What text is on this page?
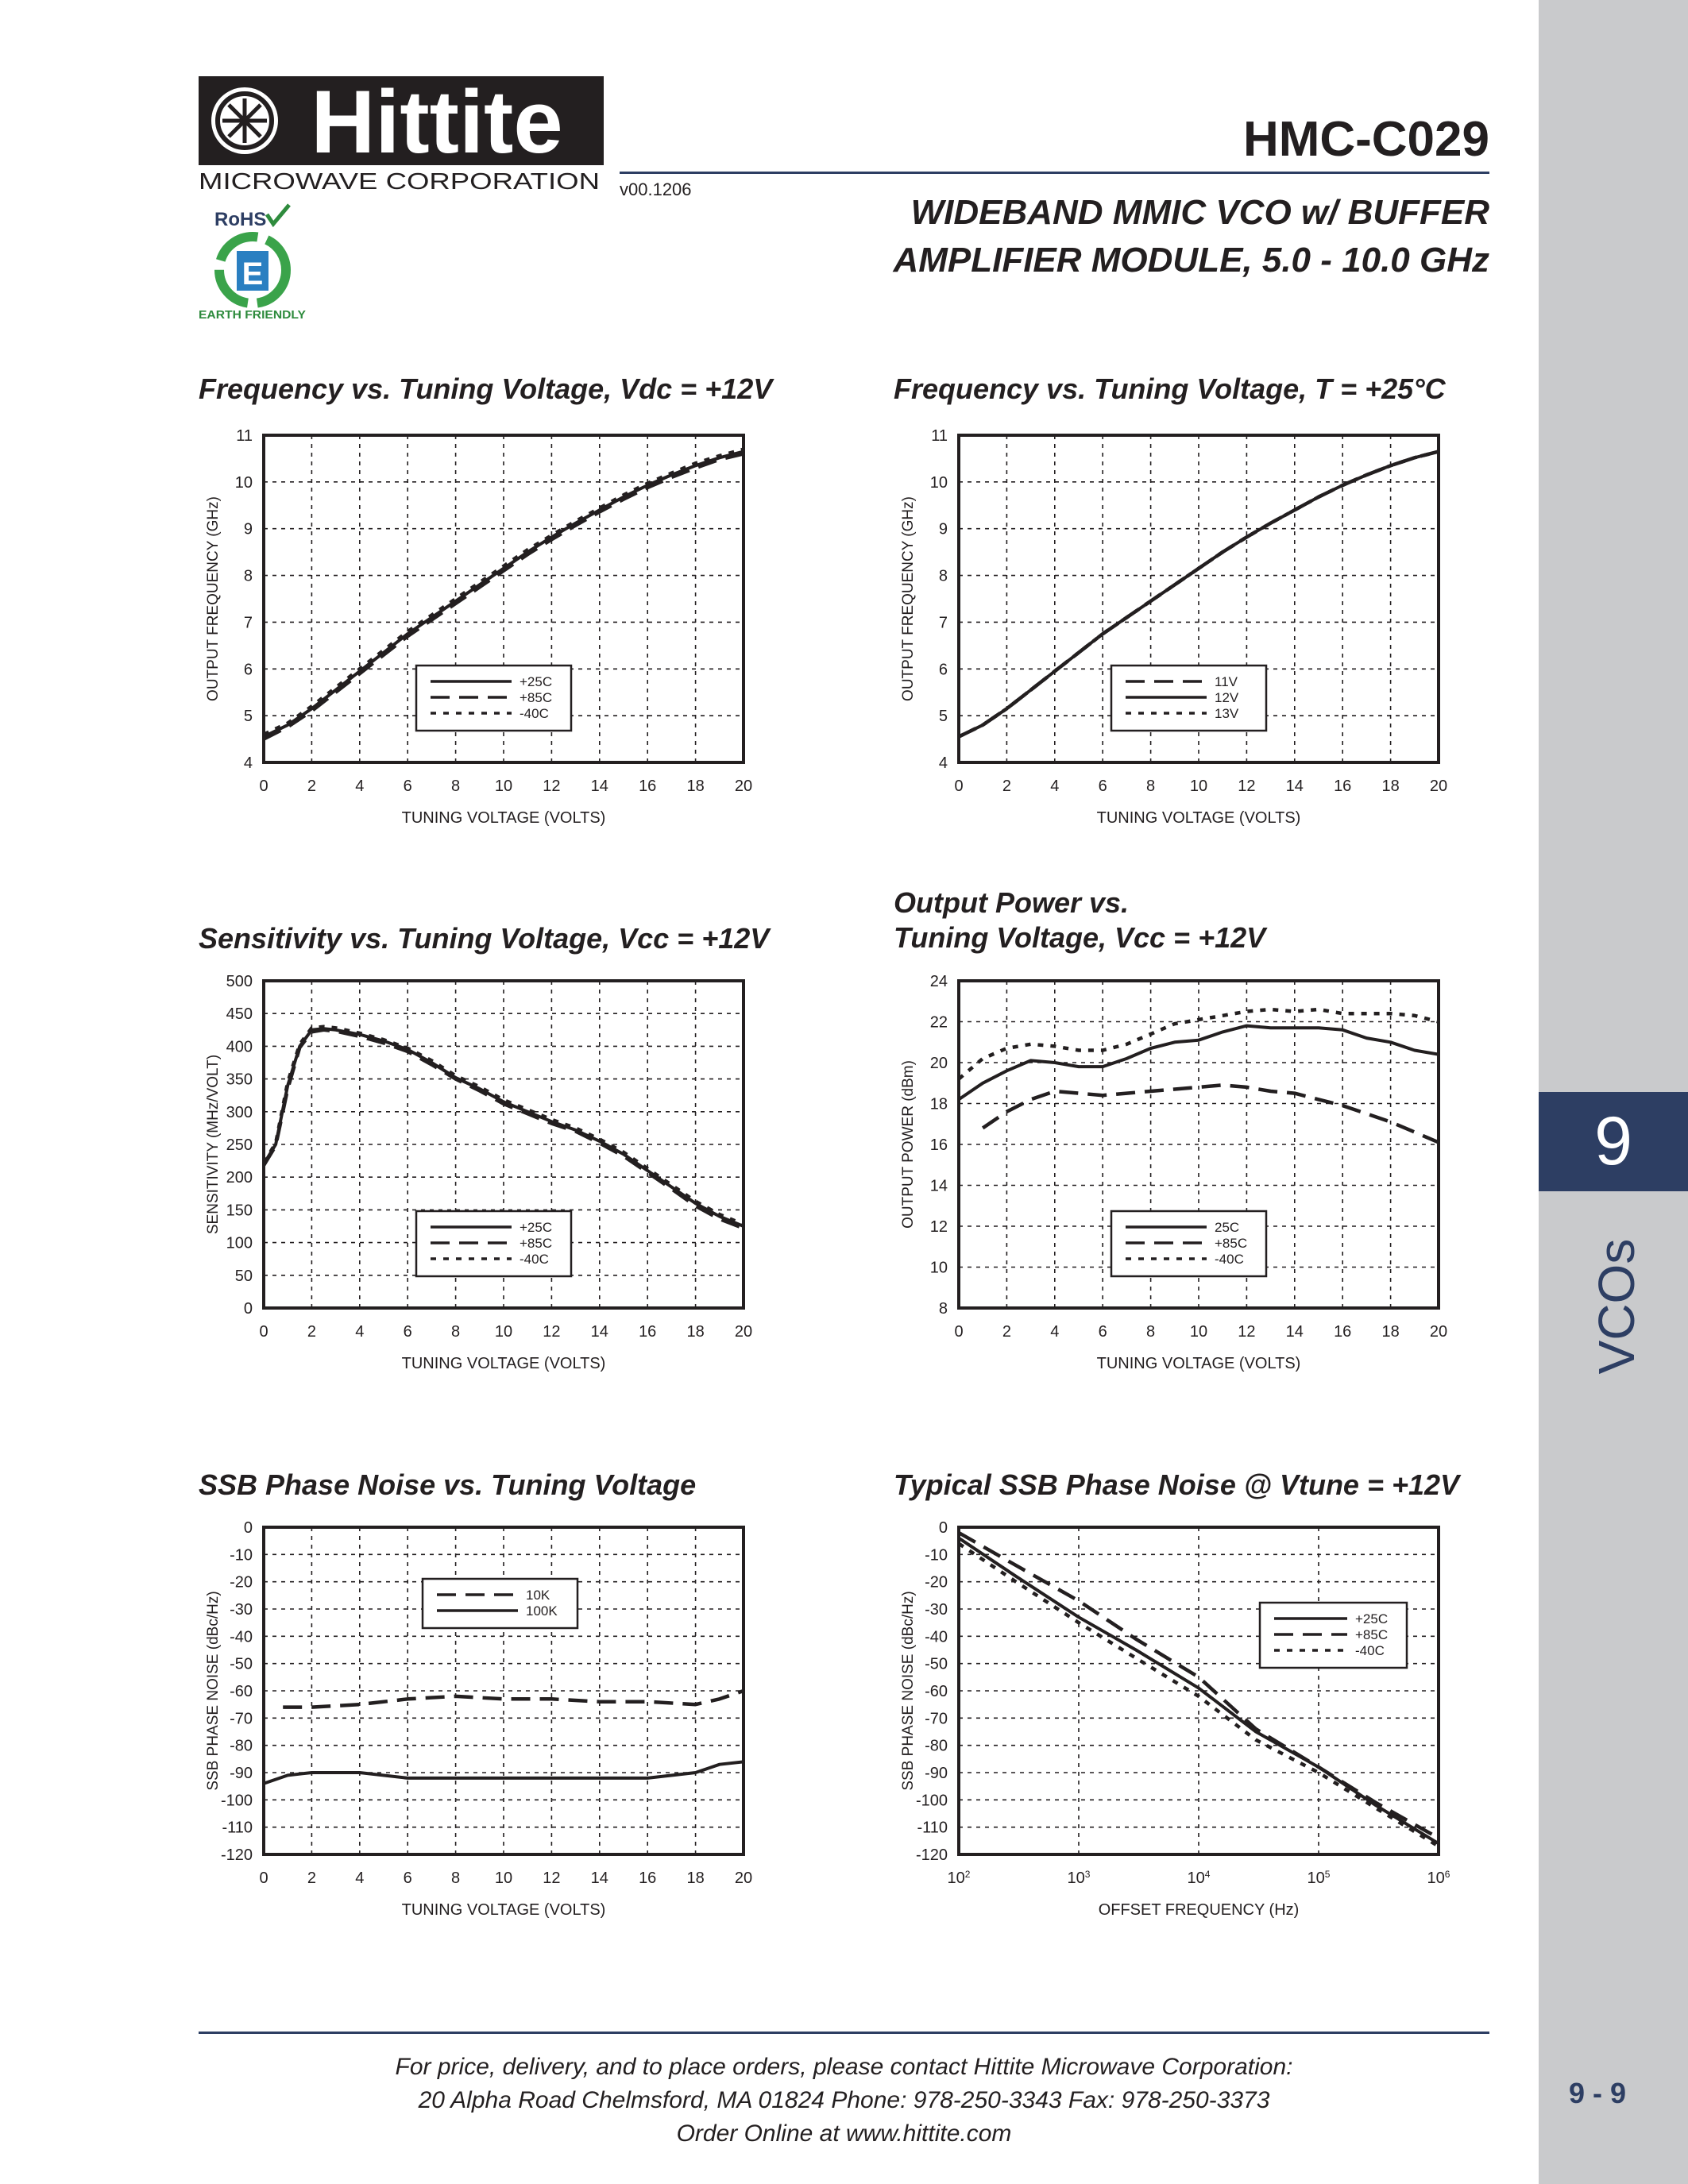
Hittite
MICROWAVE CORPORATION v00.1206
HMC-C029
WIDEBAND MMIC VCO w/ BUFFER
AMPLIFIER MODULE, 5.0 - 10.0 GHz
RoHS
E
EARTH FRIENDLY
Frequency vs. Tuning Voltage, Vdc = +12V	Frequency vs. Tuning Voltage, T = +25°C
Sensitivity vs. Tuning Voltage, Vcc = +12V
Output Power vs.
Tuning Voltage, Vcc = +12V
SSB Phase Noise vs. Tuning Voltage	Typical SSB Phase Noise @ Vtune = +12V
0 2 4 6 8 10 12 14 16 18 20
4
5
6
7
8
9
10
11
TUNING VOLTAGE (VOLTS)
OUTPUT FREQUENCY (GHz)	+25C
+85C
-40C
0 2 4 6 8 10 12 14 16 18 20
4
5
6
7
8
9
10
11
TUNING VOLTAGE (VOLTS)
OUTPUT FREQUENCY (GHz)	11V
12V
13V
0 2 4 6 8 10 12 14 16 18 20
0
50
100
150
200
250
300
350
400
450
500
TUNING VOLTAGE (VOLTS)
SENSITIVITY (MHz/VOLT)	+25C
+85C
-40C
0 2 4 6 8 10 12 14 16 18 20
8
10
12
14
16
18
20
22
24
TUNING VOLTAGE (VOLTS)
OUTPUT POWER (dBm)	25C
+85C
-40C
0 2 4 6 8 10 12 14 16 18 20
-120
-110
-100
-90
-80
-70
-60
-50
-40
-30
-20
-10
0
TUNING VOLTAGE (VOLTS)
SSB PHASE NOISE (dBc/Hz)	10K
100K
$10^2$	$10^3$	$10^4$	$10^5$	$10^6$
-120
-110
-100
-90
-80
-70
-60
-50
-40
-30
-20
-10
0
OFFSET FREQUENCY (Hz)
SSB PHASE NOISE (dBc/Hz)	+25C
+85C
-40C
For price, delivery, and to place orders, please contact Hittite Microwave Corporation:
20 Alpha Road Chelmsford, MA 01824 Phone: 978-250-3343 Fax: 978-250-3373
Order Online at www.hittite.com
9
VCOs
9 - 9
